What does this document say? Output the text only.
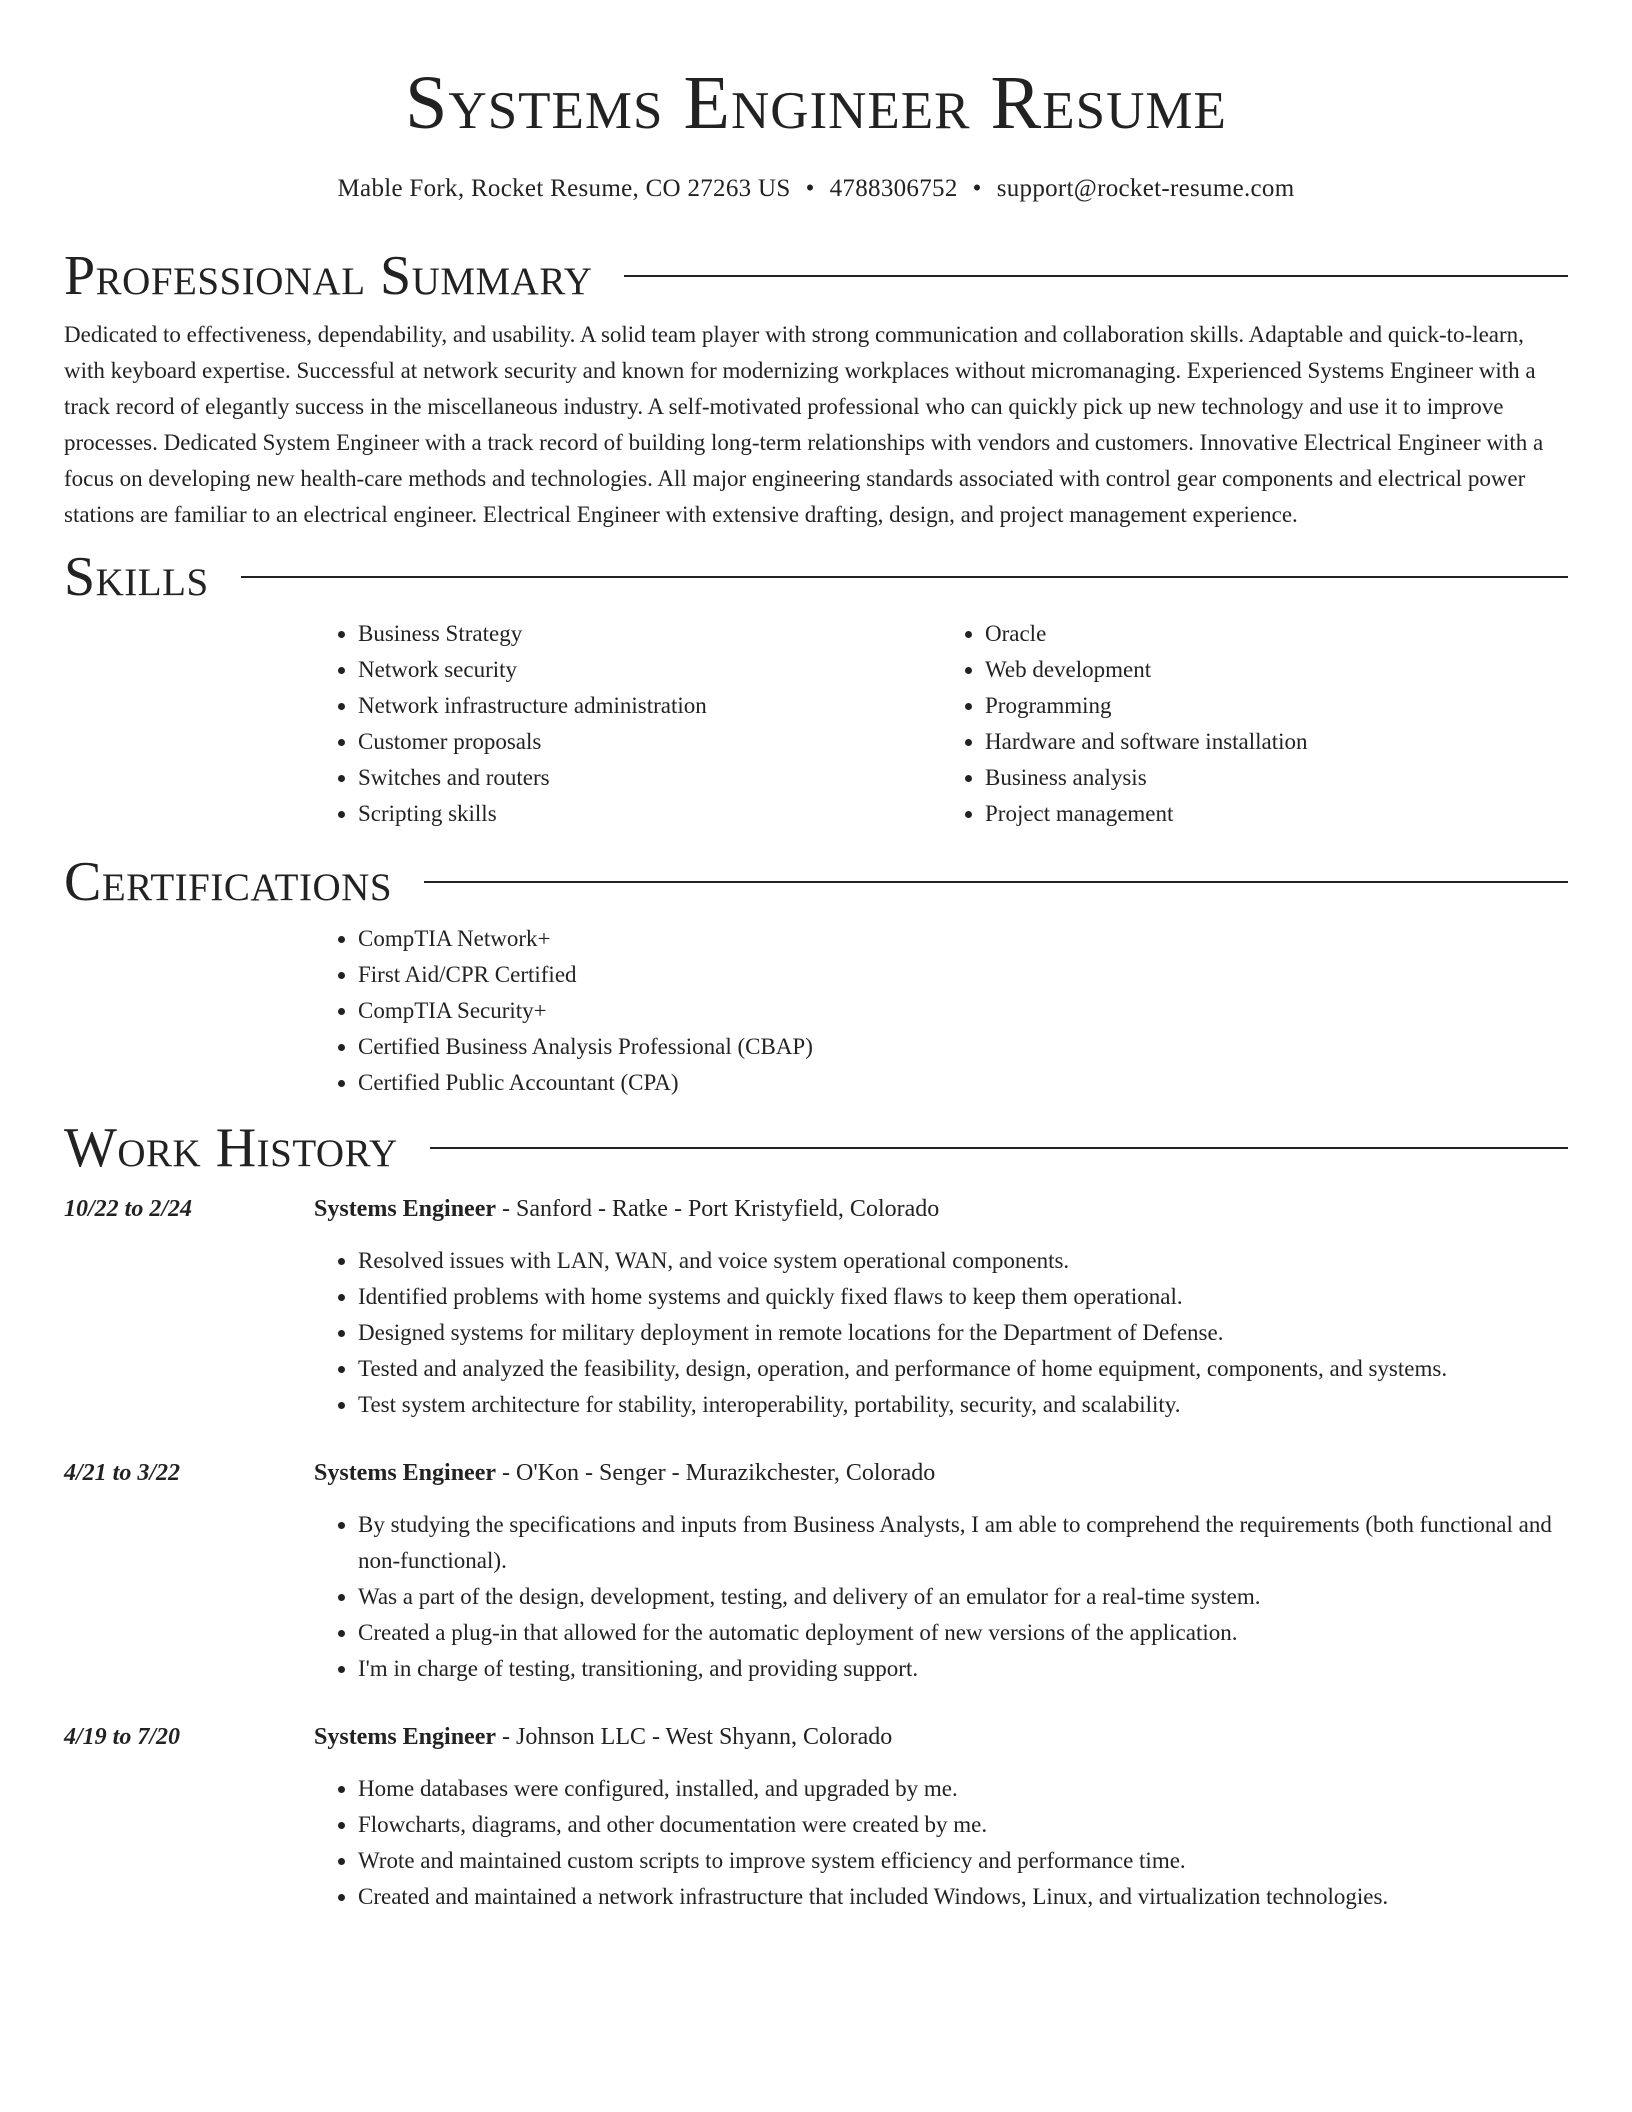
Systems Engineer Resume
Mable Fork, Rocket Resume, CO 27263 US • 4788306752 • support@rocket-resume.com
Professional Summary

Dedicated to effectiveness, dependability, and usability. A solid team player with strong communication and collaboration skills. Adaptable and quick-to-learn, with keyboard expertise. Successful at network security and known for modernizing workplaces without micromanaging. Experienced Systems Engineer with a track record of elegantly success in the miscellaneous industry. A self-motivated professional who can quickly pick up new technology and use it to improve processes. Dedicated System Engineer with a track record of building long-term relationships with vendors and customers. Innovative Electrical Engineer with a focus on developing new health-care methods and technologies. All major engineering standards associated with control gear components and electrical power stations are familiar to an electrical engineer. Electrical Engineer with extensive drafting, design, and project management experience.

Skills
• Business Strategy
• Network security
• Network infrastructure administration
• Customer proposals
• Switches and routers
• Scripting skills
• Oracle
• Web development
• Programming
• Hardware and software installation
• Business analysis
• Project management
Certifications
• CompTIA Network+
• First Aid/CPR Certified
• CompTIA Security+
• Certified Business Analysis Professional (CBAP)
• Certified Public Accountant (CPA)
Work History
10/22 to 2/24	Systems Engineer - Sanford - Ratke - Port Kristyfield, Colorado
• Resolved issues with LAN, WAN, and voice system operational components.
• Identified problems with home systems and quickly fixed flaws to keep them operational.
• Designed systems for military deployment in remote locations for the Department of Defense.
• Tested and analyzed the feasibility, design, operation, and performance of home equipment, components, and systems.
• Test system architecture for stability, interoperability, portability, security, and scalability.
4/21 to 3/22	Systems Engineer - O'Kon - Senger - Murazikchester, Colorado
• By studying the specifications and inputs from Business Analysts, I am able to comprehend the requirements (both functional and non-functional).
• Was a part of the design, development, testing, and delivery of an emulator for a real-time system.
• Created a plug-in that allowed for the automatic deployment of new versions of the application.
• I'm in charge of testing, transitioning, and providing support.
4/19 to 7/20	Systems Engineer - Johnson LLC - West Shyann, Colorado
• Home databases were configured, installed, and upgraded by me.
• Flowcharts, diagrams, and other documentation were created by me.
• Wrote and maintained custom scripts to improve system efficiency and performance time.
• Created and maintained a network infrastructure that included Windows, Linux, and virtualization technologies.
